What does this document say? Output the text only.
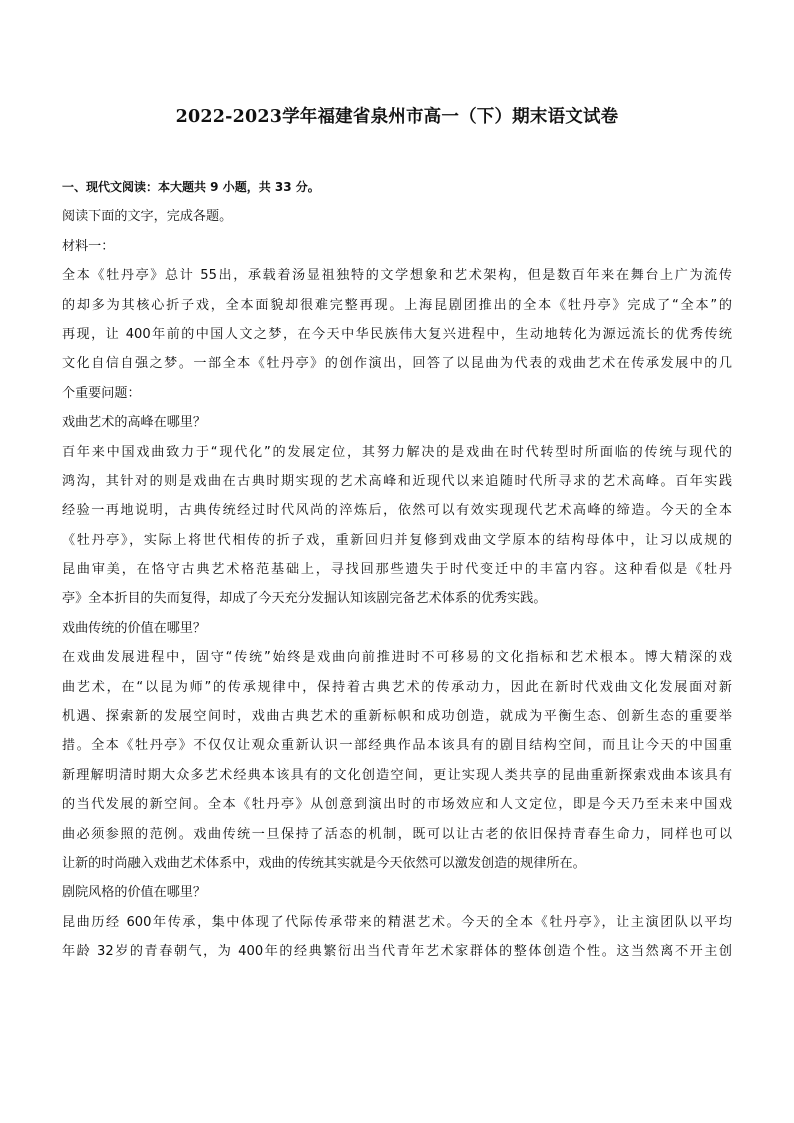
2022-2023学年福建省泉州市高一（下）期末语文试卷
一、现代文阅读：本大题共 9 小题，共 33 分。
阅读下面的文字，完成各题。
材料一：
全本《牡丹亭》总计 55出，承载着汤显祖独特的文学想象和艺术架构，但是数百年来在舞台上广为流传
的却多为其核心折子戏，全本面貌却很难完整再现。上海昆剧团推出的全本《牡丹亭》完成了“全本”的
再现，让 400年前的中国人文之梦，在今天中华民族伟大复兴进程中，生动地转化为源远流长的优秀传统
文化自信自强之梦。一部全本《牡丹亭》的创作演出，回答了以昆曲为代表的戏曲艺术在传承发展中的几
个重要问题：
戏曲艺术的高峰在哪里？
百年来中国戏曲致力于“现代化”的发展定位，其努力解决的是戏曲在时代转型时所面临的传统与现代的
鸿沟，其针对的则是戏曲在古典时期实现的艺术高峰和近现代以来追随时代所寻求的艺术高峰。百年实践
经验一再地说明，古典传统经过时代风尚的淬炼后，依然可以有效实现现代艺术高峰的缔造。今天的全本
《牡丹亭》，实际上将世代相传的折子戏，重新回归并复修到戏曲文学原本的结构母体中，让习以成规的
昆曲审美，在恪守古典艺术格范基础上，寻找回那些遗失于时代变迁中的丰富内容。这种看似是《牡丹
亭》全本折目的失而复得，却成了今天充分发掘认知该剧完备艺术体系的优秀实践。
戏曲传统的价值在哪里？
在戏曲发展进程中，固守“传统”始终是戏曲向前推进时不可移易的文化指标和艺术根本。博大精深的戏
曲艺术，在“以昆为师”的传承规律中，保持着古典艺术的传承动力，因此在新时代戏曲文化发展面对新
机遇、探索新的发展空间时，戏曲古典艺术的重新标帜和成功创造，就成为平衡生态、创新生态的重要举
措。全本《牡丹亭》不仅仅让观众重新认识一部经典作品本该具有的剧目结构空间，而且让今天的中国重
新理解明清时期大众多艺术经典本该具有的文化创造空间，更让实现人类共享的昆曲重新探索戏曲本该具有
的当代发展的新空间。全本《牡丹亭》从创意到演出时的市场效应和人文定位，即是今天乃至未来中国戏
曲必须参照的范例。戏曲传统一旦保持了活态的机制，既可以让古老的依旧保持青春生命力，同样也可以
让新的时尚融入戏曲艺术体系中，戏曲的传统其实就是今天依然可以激发创造的规律所在。
剧院风格的价值在哪里？
昆曲历经 600年传承，集中体现了代际传承带来的精湛艺术。今天的全本《牡丹亭》，让主演团队以平均
年龄 32岁的青春朝气，为 400年的经典繁衍出当代青年艺术家群体的整体创造个性。这当然离不开主创
